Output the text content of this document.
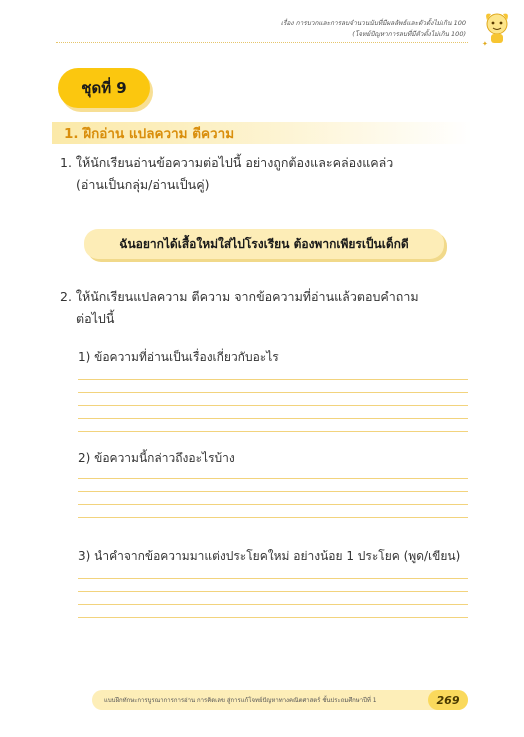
เรื่อง การบวกและการลบจำนวนนับที่มีผลลัพธ์และตัวตั้งไม่เกิน 100
(โจทย์ปัญหาการลบที่มีตัวตั้งไม่เกิน 100)
✦
ชุดที่ 9
1. ฝึกอ่าน แปลความ ตีความ
1. ให้นักเรียนอ่านข้อความต่อไปนี้ อย่างถูกต้องและคล่องแคล่ว
(อ่านเป็นกลุ่ม/อ่านเป็นคู่)
ฉันอยากได้เสื้อใหม่ใส่ไปโรงเรียน ต้องพากเพียรเป็นเด็กดี
2. ให้นักเรียนแปลความ ตีความ จากข้อความที่อ่านแล้วตอบคำถาม
ต่อไปนี้
1) ข้อความที่อ่านเป็นเรื่องเกี่ยวกับอะไร
2) ข้อความนี้กล่าวถึงอะไรบ้าง
3) นำคำจากข้อความมาแต่งประโยคใหม่ อย่างน้อย 1 ประโยค (พูด/เขียน)
แบบฝึกทักษะการบูรณาการการอ่าน การคิดเลข สู่การแก้โจทย์ปัญหาทางคณิตศาสตร์ ชั้นประถมศึกษาปีที่ 1	269
